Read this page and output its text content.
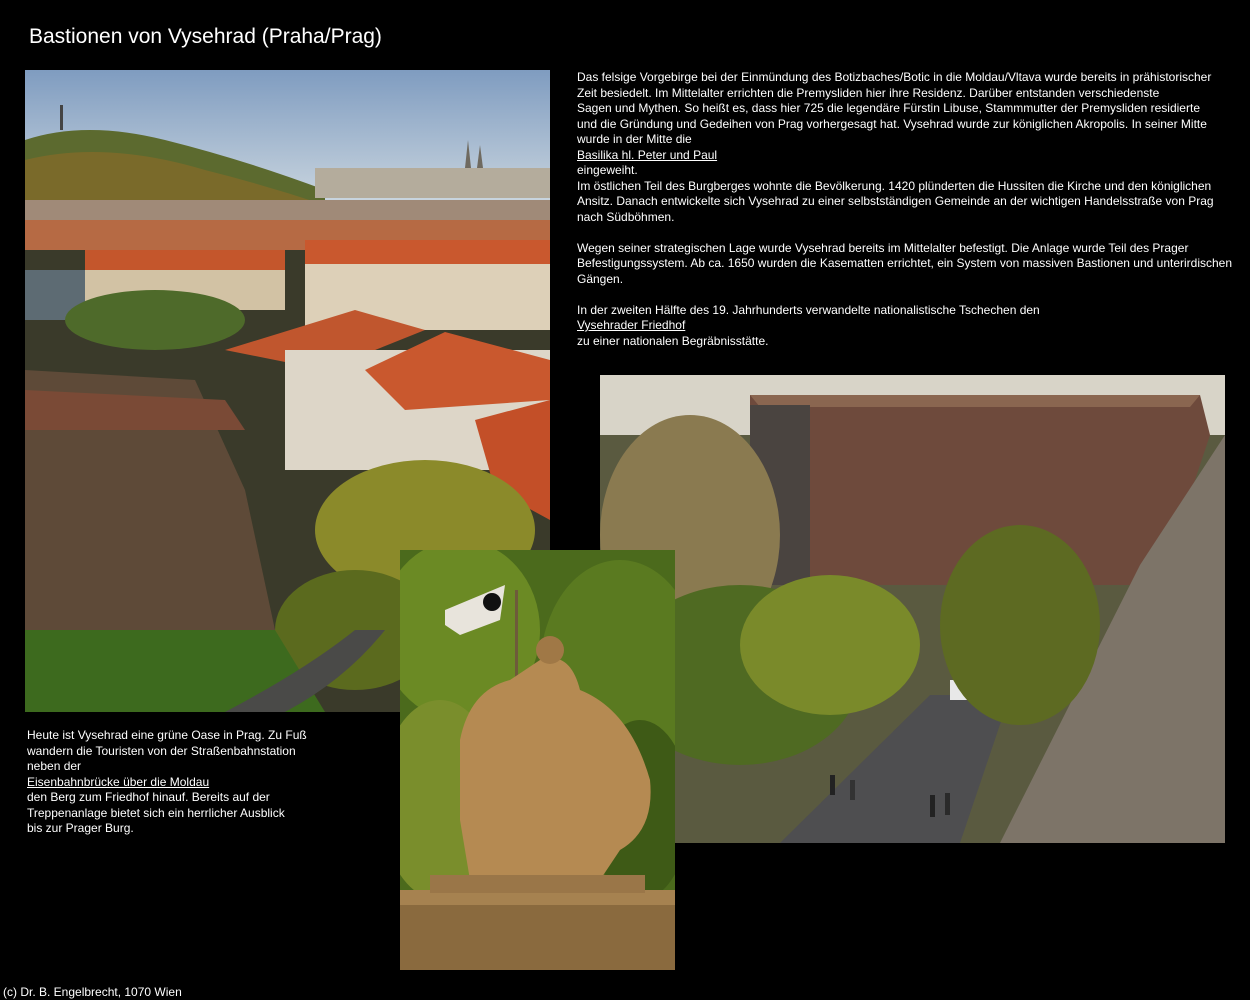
Bastionen von Vysehrad (Praha/Prag)
Das felsige Vorgebirge bei der Einmündung des Botizbaches/Botic in die Moldau/Vltava wurde bereits in prähistorischer
Zeit besiedelt. Im Mittelalter errichten die Premysliden hier ihre Residenz. Darüber entstanden verschiedenste
Sagen und Mythen. So heißt es, dass hier 725 die legendäre Fürstin Libuse, Stammmutter der Premysliden residierte
und die Gründung und Gedeihen von Prag vorhergesagt hat. Vysehrad wurde zur königlichen Akropolis. In seiner Mitte
wurde in der Mitte die
Basilika hl. Peter und Paul
eingeweiht.
Im östlichen Teil des Burgberges wohnte die Bevölkerung. 1420 plünderten die Hussiten die Kirche und den königlichen
Ansitz. Danach entwickelte sich Vysehrad zu einer selbstständigen Gemeinde an der wichtigen Handelsstraße von Prag
nach Südböhmen.
Wegen seiner strategischen Lage wurde Vysehrad bereits im Mittelalter befestigt. Die Anlage wurde Teil des Prager
Befestigungssystem. Ab ca. 1650 wurden die Kasematten errichtet, ein System von massiven Bastionen und unterirdischen
Gängen.
In der zweiten Hälfte des 19. Jahrhunderts verwandelte nationalistische Tschechen den
Vysehrader Friedhof
zu einer nationalen Begräbnisstätte.
Heute ist Vysehrad eine grüne Oase in Prag. Zu Fuß
wandern die Touristen von der Straßenbahnstation
neben der
Eisenbahnbrücke über die Moldau
den Berg zum Friedhof hinauf. Bereits auf der
Treppenanlage bietet sich ein herrlicher Ausblick
bis zur Prager Burg.
(c) Dr. B. Engelbrecht, 1070 Wien
